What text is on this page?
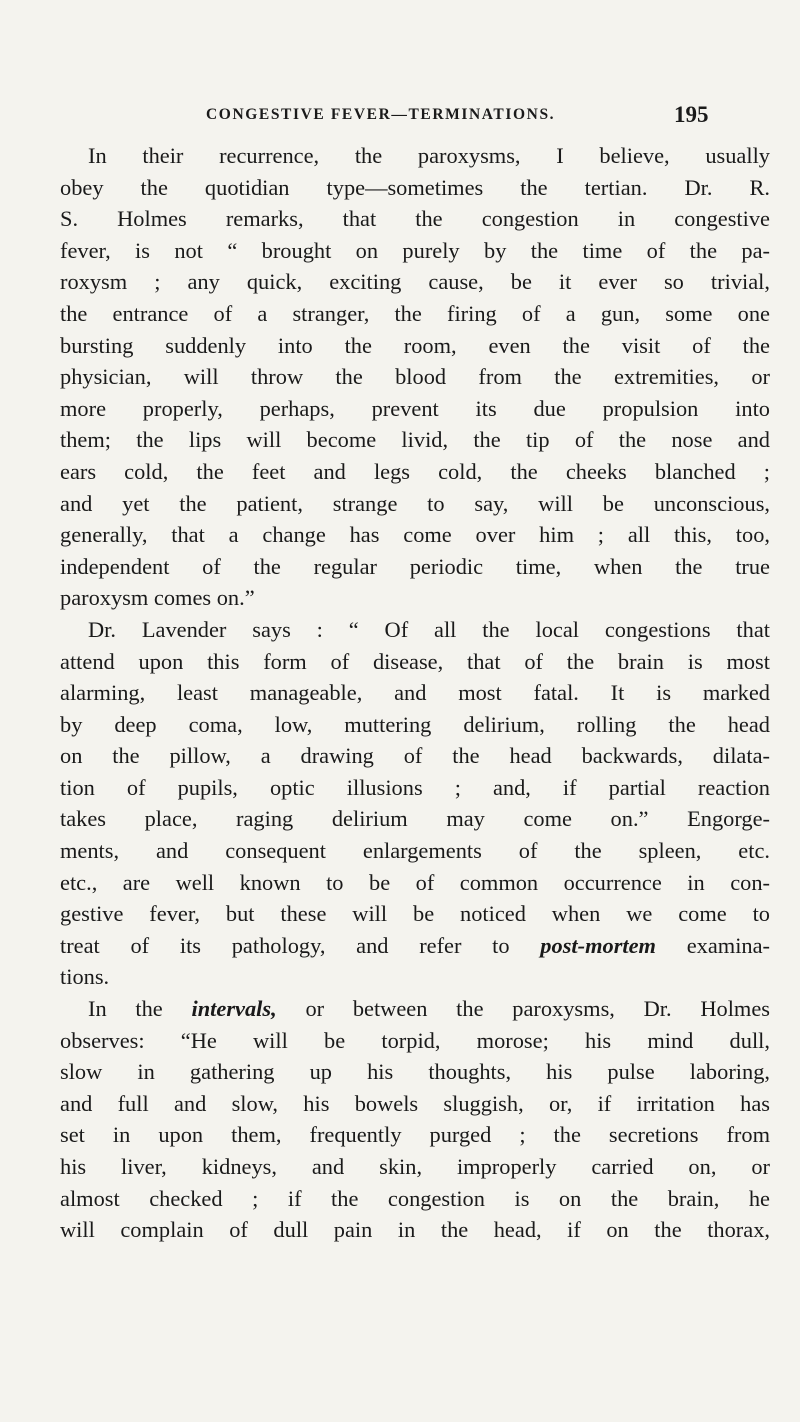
CONGESTIVE FEVER—TERMINATIONS.	195
In their recurrence, the paroxysms, I believe, usually
obey the quotidian type—sometimes the tertian. Dr. R.
S. Holmes remarks, that the congestion in congestive
fever, is not “ brought on purely by the time of the pa-
roxysm ; any quick, exciting cause, be it ever so trivial,
the entrance of a stranger, the firing of a gun, some one
bursting suddenly into the room, even the visit of the
physician, will throw the blood from the extremities, or
more properly, perhaps, prevent its due propulsion into
them; the lips will become livid, the tip of the nose and
ears cold, the feet and legs cold, the cheeks blanched ;
and yet the patient, strange to say, will be unconscious,
generally, that a change has come over him ; all this, too,
independent of the regular periodic time, when the true
paroxysm comes on.”
Dr. Lavender says : “ Of all the local congestions that
attend upon this form of disease, that of the brain is most
alarming, least manageable, and most fatal. It is marked
by deep coma, low, muttering delirium, rolling the head
on the pillow, a drawing of the head backwards, dilata-
tion of pupils, optic illusions ; and, if partial reaction
takes place, raging delirium may come on.” Engorge-
ments, and consequent enlargements of the spleen, etc.
etc., are well known to be of common occurrence in con-
gestive fever, but these will be noticed when we come to
treat of its pathology, and refer to post-mortem examina-
tions.
In the intervals, or between the paroxysms, Dr. Holmes
observes: “He will be torpid, morose; his mind dull,
slow in gathering up his thoughts, his pulse laboring,
and full and slow, his bowels sluggish, or, if irritation has
set in upon them, frequently purged ; the secretions from
his liver, kidneys, and skin, improperly carried on, or
almost checked ; if the congestion is on the brain, he
will complain of dull pain in the head, if on the thorax,
